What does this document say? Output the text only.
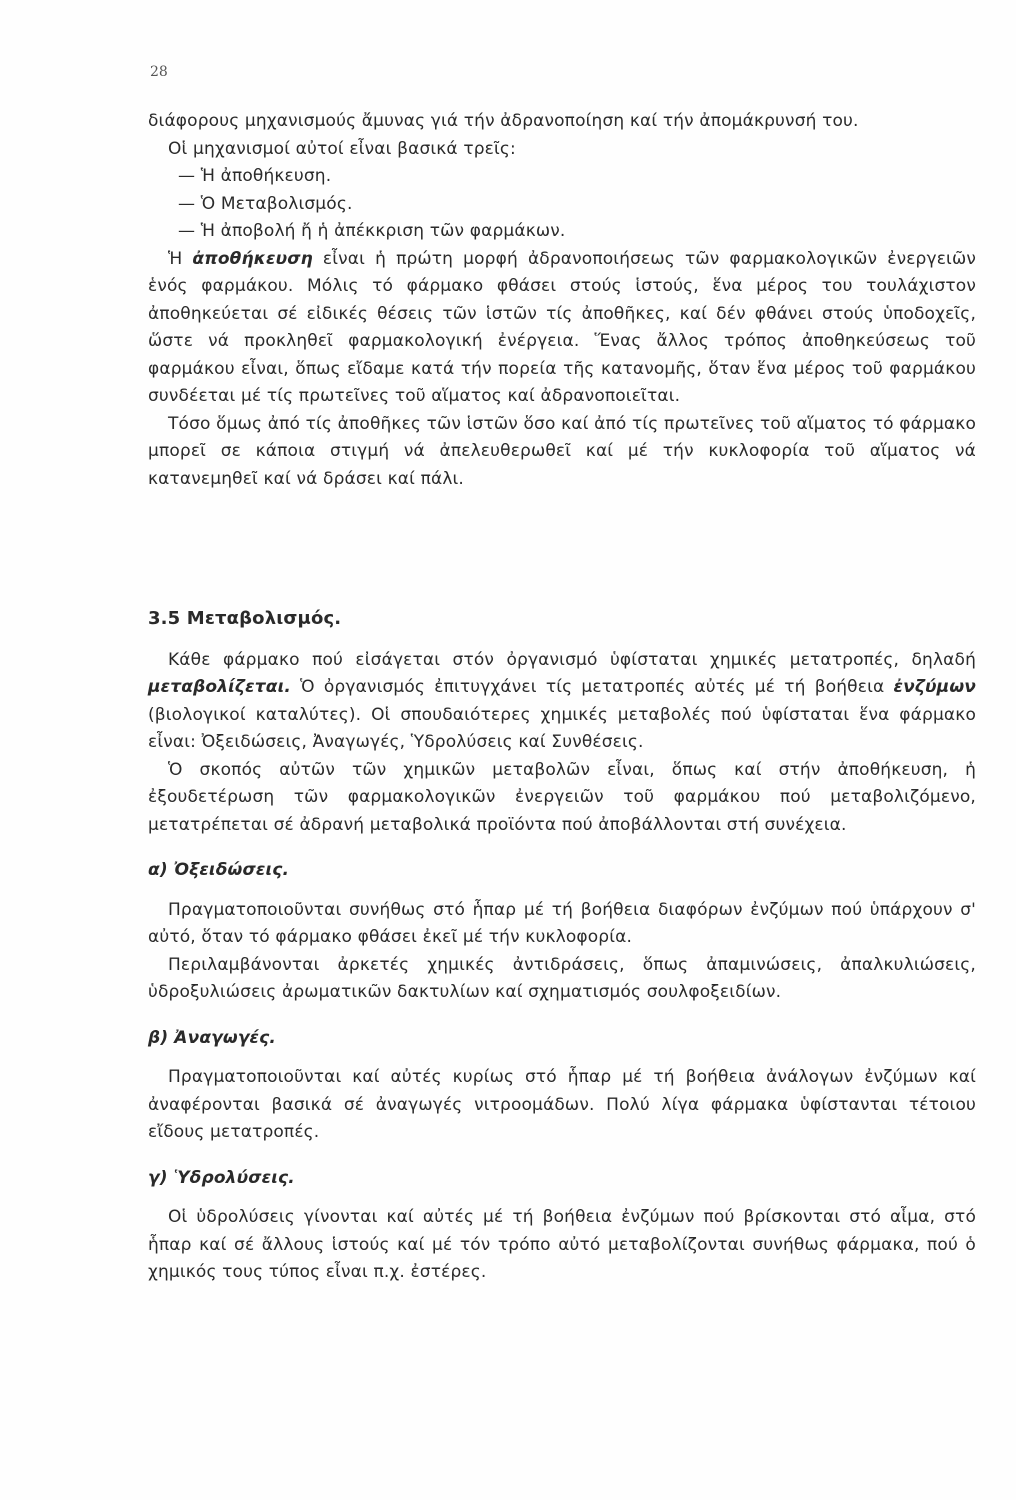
28

διάφορους μηχανισμούς ἄμυνας γιά τήν ἀδρανοποίηση καί τήν ἀπομάκρυνσή του.

Οἱ μηχανισμοί αὐτοί εἶναι βασικά τρεῖς:

— Ἡ ἀποθήκευση.

— Ὁ Μεταβολισμός.

— Ἡ ἀποβολή ἤ ἡ ἀπέκκριση τῶν φαρμάκων.

Ἡ ἀποθήκευση εἶναι ἡ πρώτη μορφή ἀδρανοποιήσεως τῶν φαρμακολογικῶν ἐνεργειῶν ἑνός φαρμάκου. Μόλις τό φάρμακο φθάσει στούς ἱστούς, ἕνα μέρος του τουλάχιστον ἀποθηκεύεται σέ εἰδικές θέσεις τῶν ἱστῶν τίς ἀποθῆκες, καί δέν φθάνει στούς ὑποδοχεῖς, ὥστε νά προκληθεῖ φαρμακολογική ἐνέργεια. Ἕνας ἄλλος τρόπος ἀποθηκεύσεως τοῦ φαρμάκου εἶναι, ὅπως εἴδαμε κατά τήν πορεία τῆς κατανομῆς, ὅταν ἕνα μέρος τοῦ φαρμάκου συνδέεται μέ τίς πρωτεῖνες τοῦ αἵματος καί ἀδρανοποιεῖται.

Τόσο ὅμως ἀπό τίς ἀποθῆκες τῶν ἱστῶν ὅσο καί ἀπό τίς πρωτεῖνες τοῦ αἵματος τό φάρμακο μπορεῖ σε κάποια στιγμή νά ἀπελευθερωθεῖ καί μέ τήν κυκλοφορία τοῦ αἵματος νά κατανεμηθεῖ καί νά δράσει καί πάλι.

3.5 Μεταβολισμός.

Κάθε φάρμακο πού εἰσάγεται στόν ὀργανισμό ὑφίσταται χημικές μετατροπές, δηλαδή μεταβολίζεται. Ὁ ὀργανισμός ἐπιτυγχάνει τίς μετατροπές αὐτές μέ τή βοήθεια ἐνζύμων (βιολογικοί καταλύτες). Οἱ σπουδαιότερες χημικές μεταβολές πού ὑφίσταται ἕνα φάρμακο εἶναι: Ὀξειδώσεις, Ἀναγωγές, Ὑδρολύσεις καί Συνθέσεις.

Ὁ σκοπός αὐτῶν τῶν χημικῶν μεταβολῶν εἶναι, ὅπως καί στήν ἀποθήκευση, ἡ ἐξουδετέρωση τῶν φαρμακολογικῶν ἐνεργειῶν τοῦ φαρμάκου πού μεταβολιζόμενο, μετατρέπεται σέ ἀδρανή μεταβολικά προϊόντα πού ἀποβάλλονται στή συνέχεια.

α) Ὀξειδώσεις.

Πραγματοποιοῦνται συνήθως στό ἧπαρ μέ τή βοήθεια διαφόρων ἐνζύμων πού ὑπάρχουν σ' αὐτό, ὅταν τό φάρμακο φθάσει ἐκεῖ μέ τήν κυκλοφορία.

Περιλαμβάνονται ἀρκετές χημικές ἀντιδράσεις, ὅπως ἀπαμινώσεις, ἀπαλκυλιώσεις, ὑδροξυλιώσεις ἀρωματικῶν δακτυλίων καί σχηματισμός σουλφοξειδίων.

β) Ἀναγωγές.

Πραγματοποιοῦνται καί αὐτές κυρίως στό ἧπαρ μέ τή βοήθεια ἀνάλογων ἐνζύμων καί ἀναφέρονται βασικά σέ ἀναγωγές νιτροομάδων. Πολύ λίγα φάρμακα ὑφίστανται τέτοιου εἴδους μετατροπές.

γ) Ὑδρολύσεις.

Οἱ ὑδρολύσεις γίνονται καί αὐτές μέ τή βοήθεια ἐνζύμων πού βρίσκονται στό αἷμα, στό ἧπαρ καί σέ ἄλλους ἱστούς καί μέ τόν τρόπο αὐτό μεταβολίζονται συνήθως φάρμακα, πού ὁ χημικός τους τύπος εἶναι π.χ. ἐστέρες.
